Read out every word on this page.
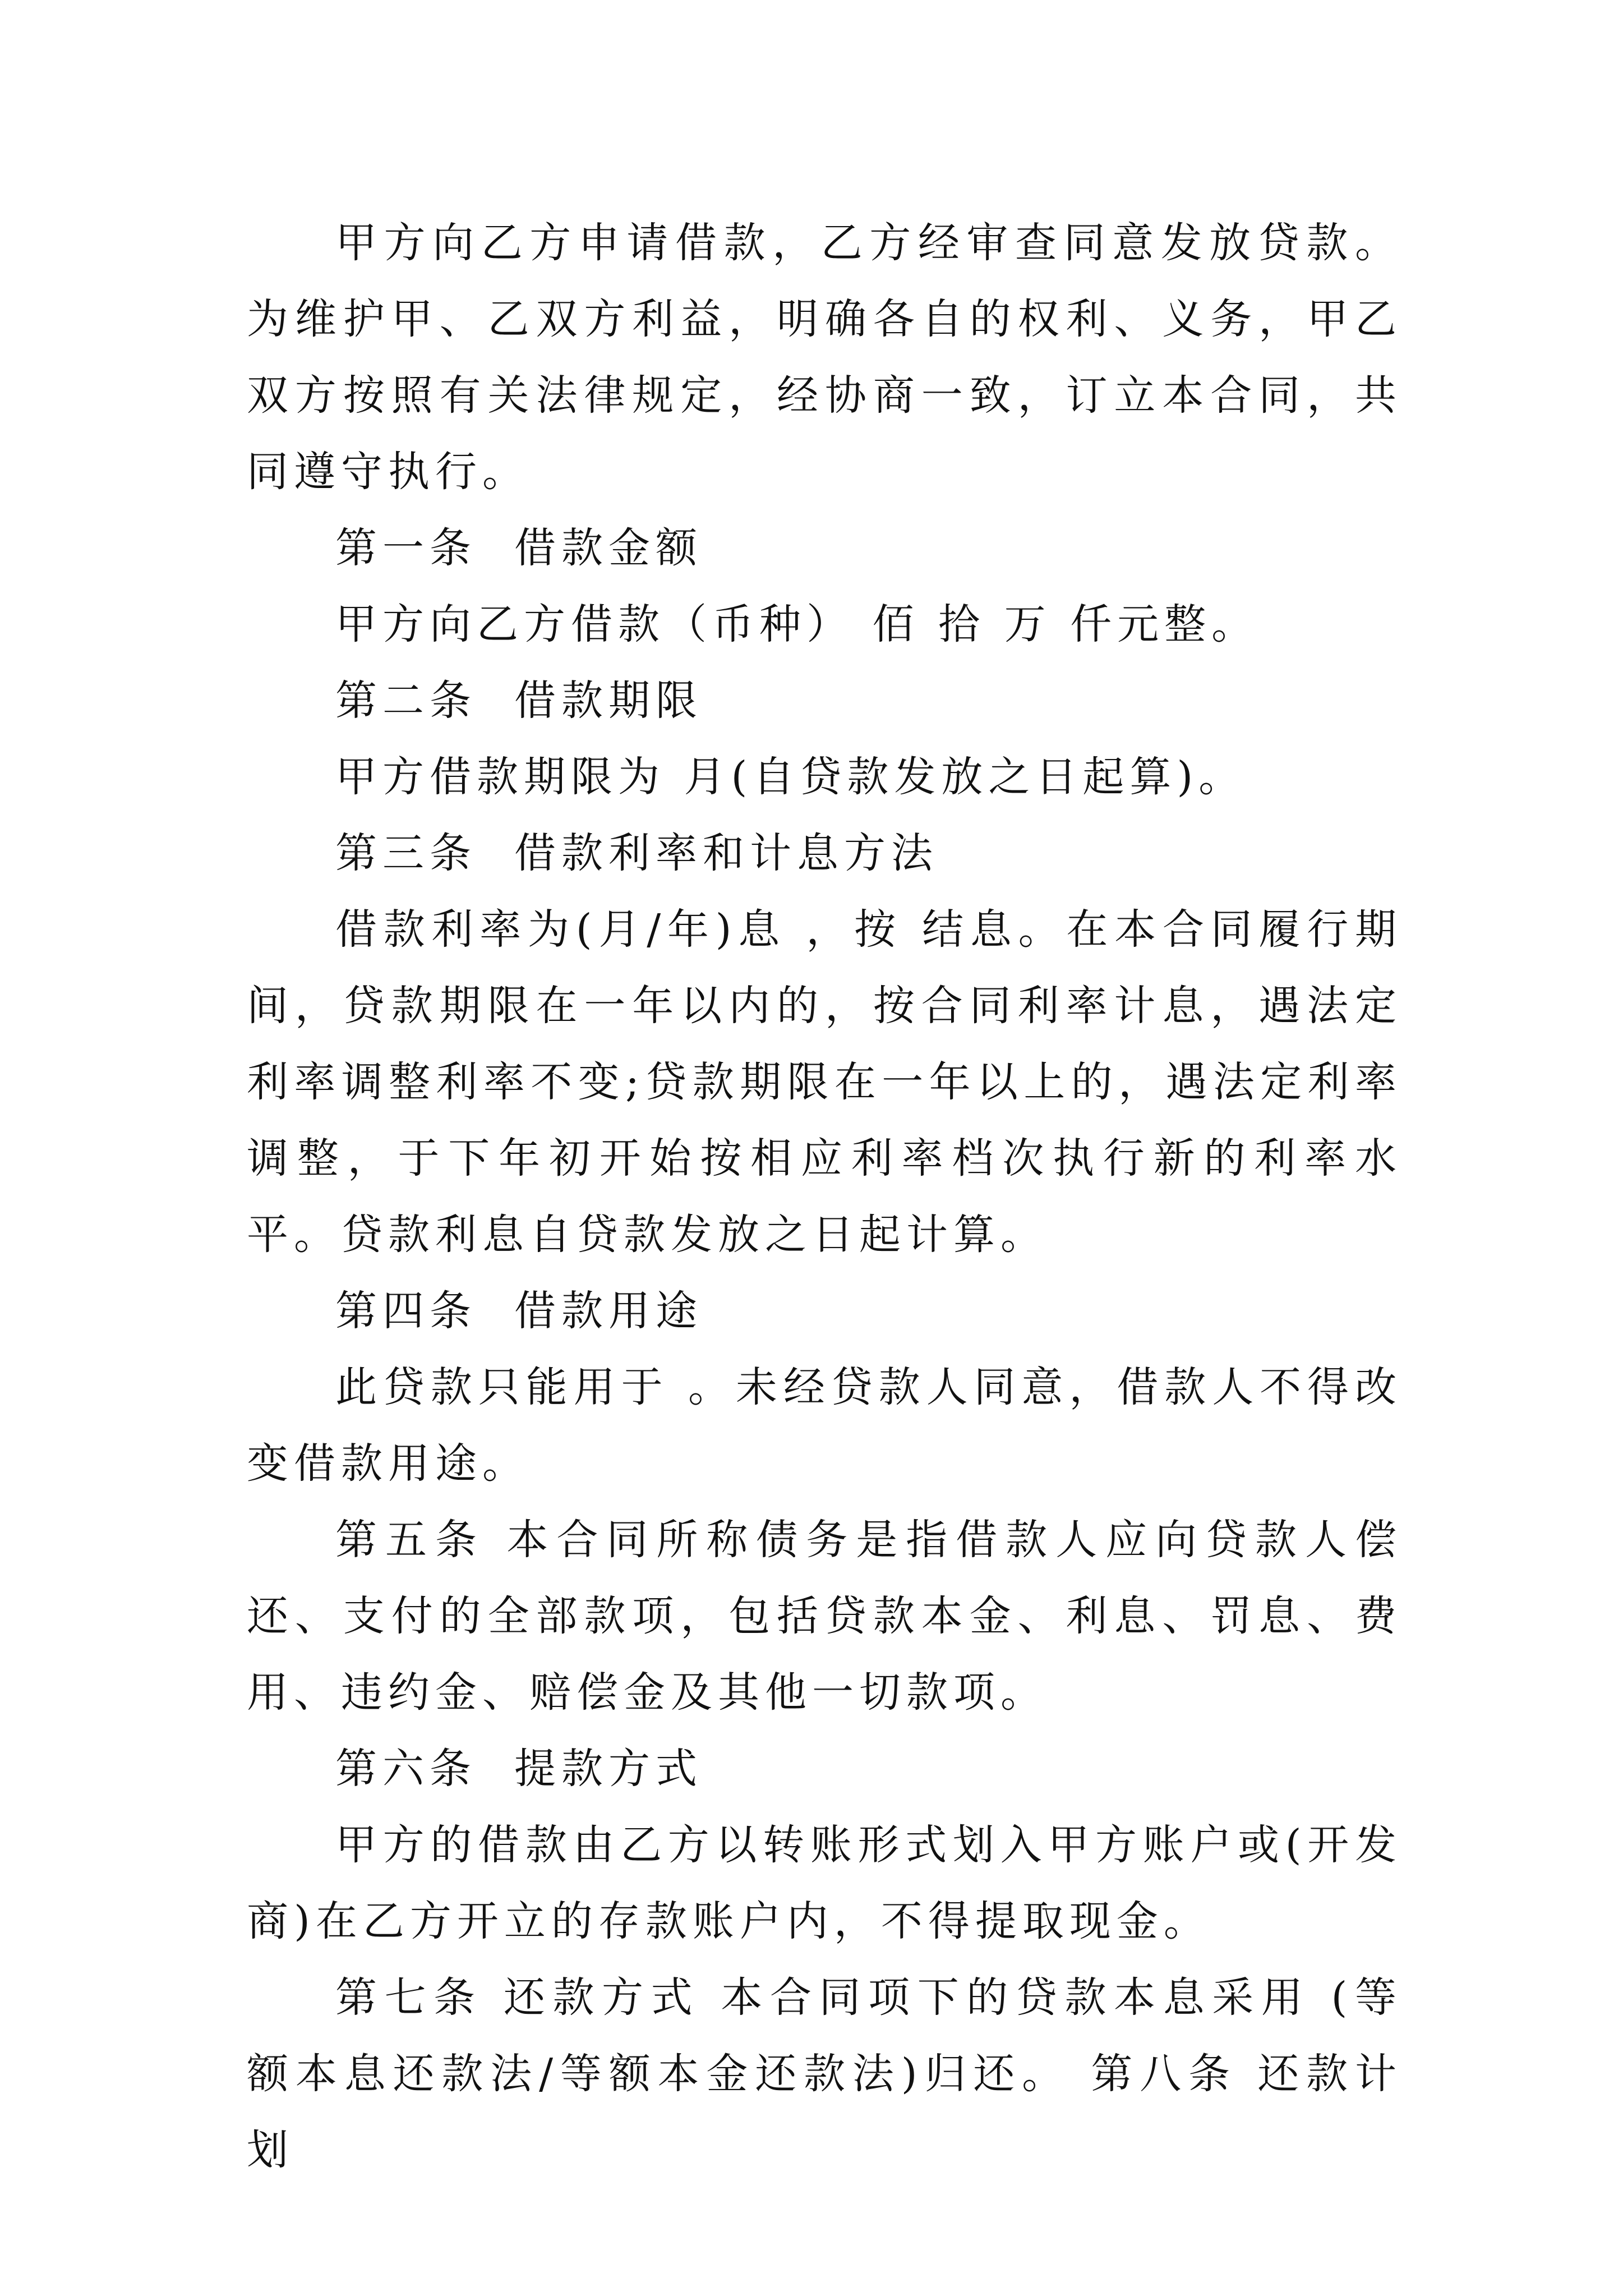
甲方向乙方申请借款，乙方经审查同意发放贷款。为维护甲、乙双方利益，明确各自的权利、义务，甲乙双方按照有关法律规定，经协商一致，订立本合同，共同遵守执行。

第一条  借款金额

甲方向乙方借款（币种） 佰 拾 万 仟元整。

第二条  借款期限

甲方借款期限为 月(自贷款发放之日起算)。

第三条  借款利率和计息方法

借款利率为(月/年)息 ，按 结息。在本合同履行期间，贷款期限在一年以内的，按合同利率计息，遇法定利率调整利率不变;贷款期限在一年以上的，遇法定利率调整，于下年初开始按相应利率档次执行新的利率水平。贷款利息自贷款发放之日起计算。

第四条  借款用途

此贷款只能用于 。未经贷款人同意，借款人不得改变借款用途。

第五条 本合同所称债务是指借款人应向贷款人偿还、支付的全部款项，包括贷款本金、利息、罚息、费用、违约金、赔偿金及其他一切款项。

第六条  提款方式

甲方的借款由乙方以转账形式划入甲方账户或(开发商)在乙方开立的存款账户内，不得提取现金。

第七条 还款方式 本合同项下的贷款本息采用 (等额本息还款法/等额本金还款法)归还。 第八条 还款计划
